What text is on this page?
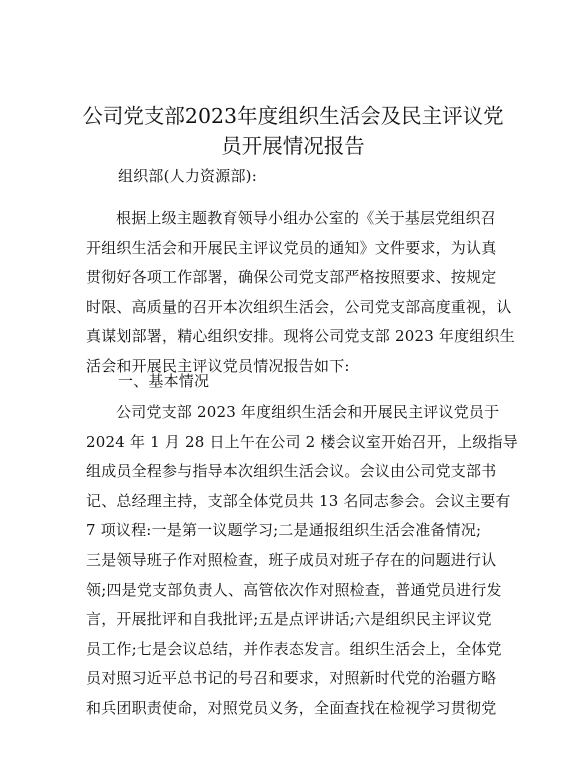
公司党支部2023年度组织生活会及民主评议党
员开展情况报告

组织部(人力资源部):

根据上级主题教育领导小组办公室的《关于基层党组织召
开组织生活会和开展民主评议党员的通知》文件要求，为认真
贯彻好各项工作部署，确保公司党支部严格按照要求、按规定
时限、高质量的召开本次组织生活会，公司党支部高度重视，认
真谋划部署，精心组织安排。现将公司党支部 2023 年度组织生
活会和开展民主评议党员情况报告如下:

一、基本情况

公司党支部 2023 年度组织生活会和开展民主评议党员于
2024 年 1 月 28 日上午在公司 2 楼会议室开始召开，上级指导
组成员全程参与指导本次组织生活会议。会议由公司党支部书
记、总经理主持，支部全体党员共 13 名同志参会。会议主要有
7 项议程:一是第一议题学习;二是通报组织生活会准备情况;
三是领导班子作对照检查，班子成员对班子存在的问题进行认
领;四是党支部负责人、高管依次作对照检查，普通党员进行发
言，开展批评和自我批评;五是点评讲话;六是组织民主评议党
员工作;七是会议总结，并作表态发言。组织生活会上，全体党
员对照习近平总书记的号召和要求，对照新时代党的治疆方略
和兵团职责使命，对照党员义务，全面查找在检视学习贯彻党
